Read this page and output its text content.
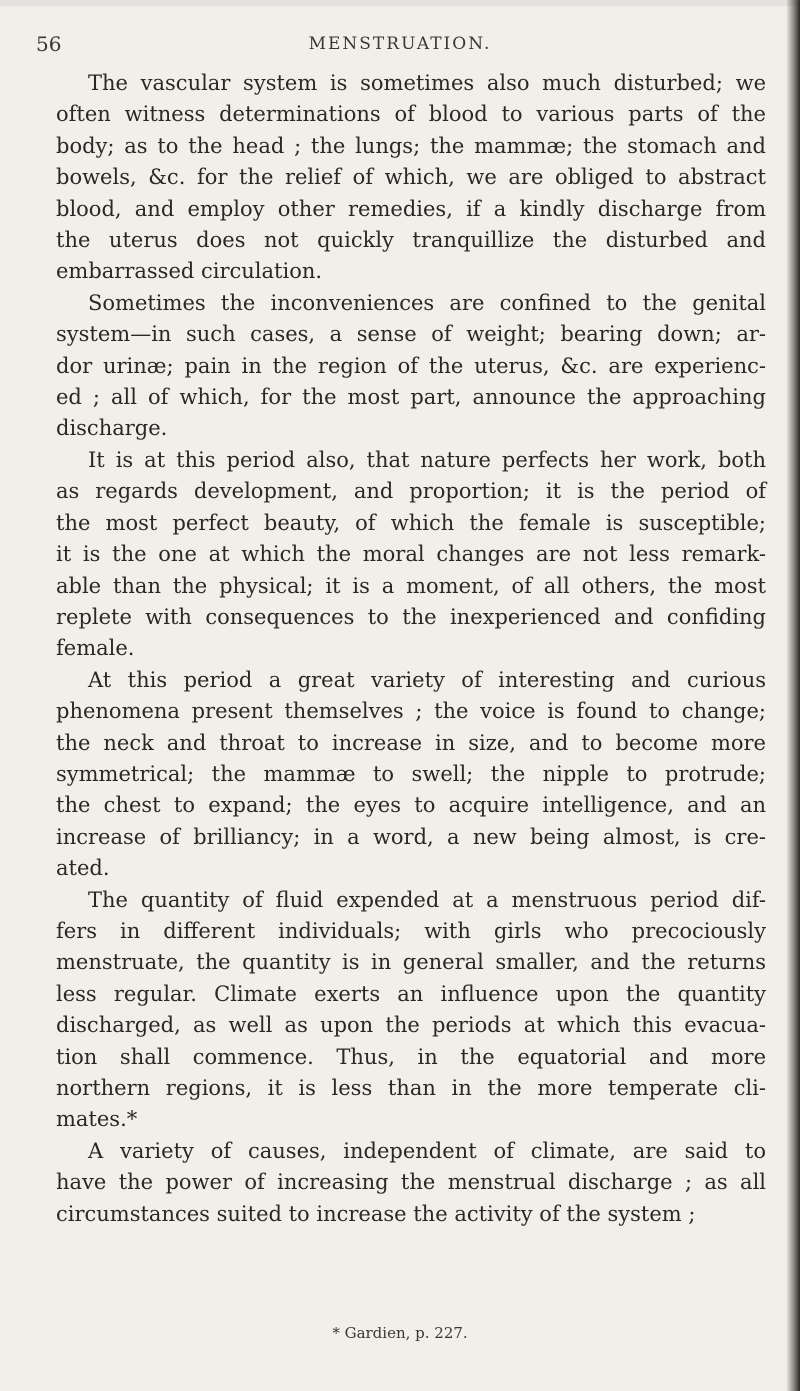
56	MENSTRUATION.

The vascular system is sometimes also much disturbed; we
often witness determinations of blood to various parts of the
body; as to the head ; the lungs; the mammæ; the stomach and
bowels, &c. for the relief of which, we are obliged to abstract
blood, and employ other remedies, if a kindly discharge from
the uterus does not quickly tranquillize the disturbed and
embarrassed circulation.

Sometimes the inconveniences are confined to the genital
system—in such cases, a sense of weight; bearing down; ar-
dor urinæ; pain in the region of the uterus, &c. are experienc-
ed ; all of which, for the most part, announce the approaching
discharge.

It is at this period also, that nature perfects her work, both
as regards development, and proportion; it is the period of
the most perfect beauty, of which the female is susceptible;
it is the one at which the moral changes are not less remark-
able than the physical; it is a moment, of all others, the most
replete with consequences to the inexperienced and confiding
female.

At this period a great variety of interesting and curious
phenomena present themselves ; the voice is found to change;
the neck and throat to increase in size, and to become more
symmetrical; the mammæ to swell; the nipple to protrude;
the chest to expand; the eyes to acquire intelligence, and an
increase of brilliancy; in a word, a new being almost, is cre-
ated.

The quantity of fluid expended at a menstruous period dif-
fers in different individuals; with girls who precociously
menstruate, the quantity is in general smaller, and the returns
less regular. Climate exerts an influence upon the quantity
discharged, as well as upon the periods at which this evacua-
tion shall commence. Thus, in the equatorial and more
northern regions, it is less than in the more temperate cli-
mates.*

A variety of causes, independent of climate, are said to
have the power of increasing the menstrual discharge ; as all
circumstances suited to increase the activity of the system ;

* Gardien, p. 227.
